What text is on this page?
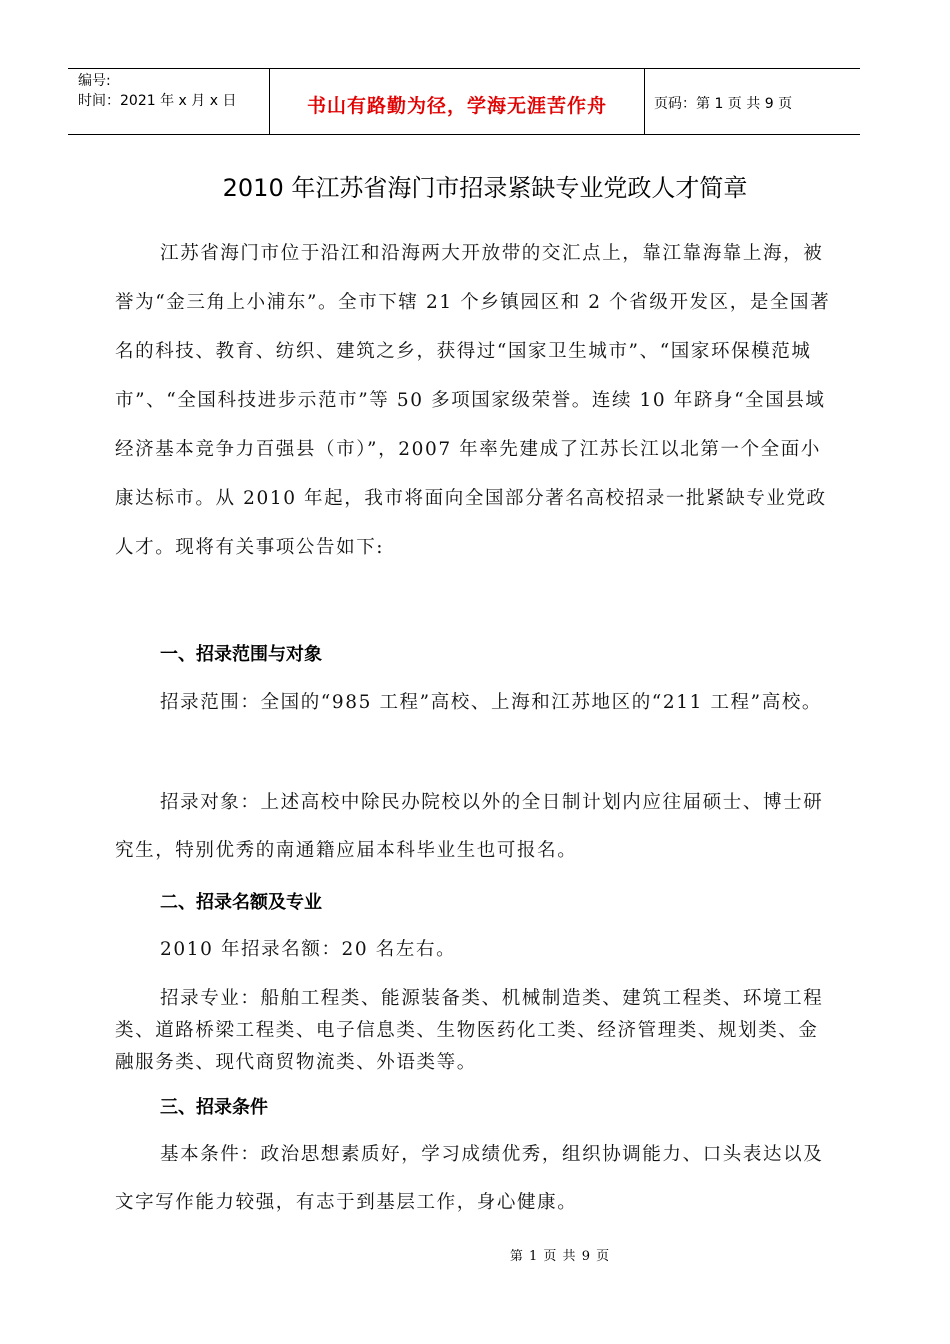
编号:
时间：2021 年 x 月 x 日	书山有路勤为径，学海无涯苦作舟	页码：第 1 页 共 9 页
2010 年江苏省海门市招录紧缺专业党政人才简章
江苏省海门市位于沿江和沿海两大开放带的交汇点上，靠江靠海靠上海，被誉为“金三角上小浦东”。全市下辖 21 个乡镇园区和 2 个省级开发区，是全国著名的科技、教育、纺织、建筑之乡，获得过“国家卫生城市”、“国家环保模范城市”、“全国科技进步示范市”等 50 多项国家级荣誉。连续 10 年跻身“全国县域经济基本竞争力百强县（市）”，2007 年率先建成了江苏长江以北第一个全面小康达标市。从 2010 年起，我市将面向全国部分著名高校招录一批紧缺专业党政人才。现将有关事项公告如下:
一、招录范围与对象
招录范围：全国的“985 工程”高校、上海和江苏地区的“211 工程”高校。
招录对象：上述高校中除民办院校以外的全日制计划内应往届硕士、博士研究生，特别优秀的南通籍应届本科毕业生也可报名。
二、招录名额及专业
2010 年招录名额：20 名左右。
招录专业：船舶工程类、能源装备类、机械制造类、建筑工程类、环境工程类、道路桥梁工程类、电子信息类、生物医药化工类、经济管理类、规划类、金融服务类、现代商贸物流类、外语类等。
三、招录条件
基本条件：政治思想素质好，学习成绩优秀，组织协调能力、口头表达以及文字写作能力较强，有志于到基层工作，身心健康。
第 1 页 共 9 页
